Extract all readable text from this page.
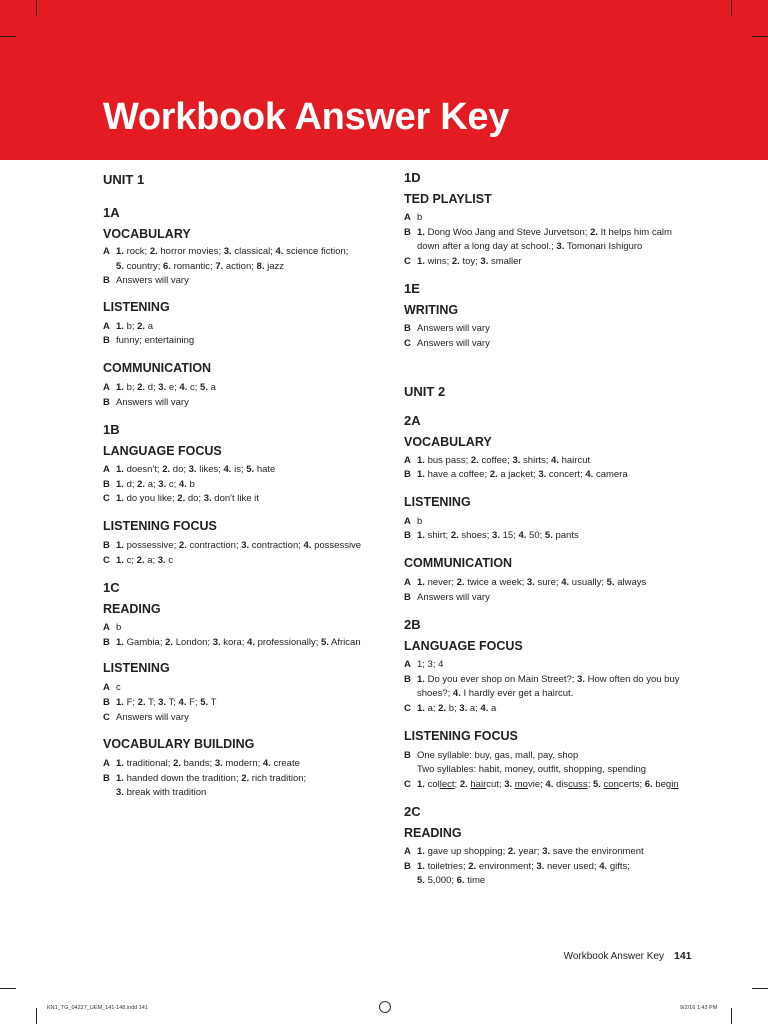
Workbook Answer Key

UNIT 1

1A

VOCABULARY

A 1. rock; 2. horror movies; 3. classical; 4. science fiction;
5. country; 6. romantic; 7. action; 8. jazz

B Answers will vary

LISTENING

A 1. b; 2. a

B funny; entertaining

COMMUNICATION

A 1. b; 2. d; 3. e; 4. c; 5. a

B Answers will vary

1B

LANGUAGE FOCUS

A 1. doesn't; 2. do; 3. likes; 4. is; 5. hate

B 1. d; 2. a; 3. c; 4. b

C 1. do you like; 2. do; 3. don't like it

LISTENING FOCUS

B 1. possessive; 2. contraction; 3. contraction; 4. possessive

C 1. c; 2. a; 3. c

1C

READING

A b

B 1. Gambia; 2. London; 3. kora; 4. professionally; 5. African

LISTENING

A c

B 1. F; 2. T; 3. T; 4. F; 5. T

C Answers will vary

VOCABULARY BUILDING

A 1. traditional; 2. bands; 3. modern; 4. create

B 1. handed down the tradition; 2. rich tradition;
3. break with tradition

1D

TED PLAYLIST

A b

B 1. Dong Woo Jang and Steve Jurvetson; 2. It helps him calm
down after a long day at school.; 3. Tomonari Ishiguro

C 1. wins; 2. toy; 3. smaller

1E

WRITING

B Answers will vary

C Answers will vary

UNIT 2

2A

VOCABULARY

A 1. bus pass; 2. coffee; 3. shirts; 4. haircut

B 1. have a coffee; 2. a jacket; 3. concert; 4. camera

LISTENING

A b

B 1. shirt; 2. shoes; 3. 15; 4. 50; 5. pants

COMMUNICATION

A 1. never; 2. twice a week; 3. sure; 4. usually; 5. always

B Answers will vary

2B

LANGUAGE FOCUS

A 1; 3; 4

B 1. Do you ever shop on Main Street?; 3. How often do you buy
shoes?; 4. I hardly ever get a haircut.

C 1. a; 2. b; 3. a; 4. a

LISTENING FOCUS

B One syllable: buy, gas, mall, pay, shop
Two syllables: habit, money, outfit, shopping, spending

C 1. collect; 2. haircut; 3. movie; 4. discuss; 5. concerts; 6. begin

2C

READING

A 1. gave up shopping; 2. year; 3. save the environment

B 1. toiletries; 2. environment; 3. never used; 4. gifts;
5. 5,000; 6. time

Workbook Answer Key 141
KN1_TG_04227_UEM_141-148.indd 141	9/2/16 1:43 PM
